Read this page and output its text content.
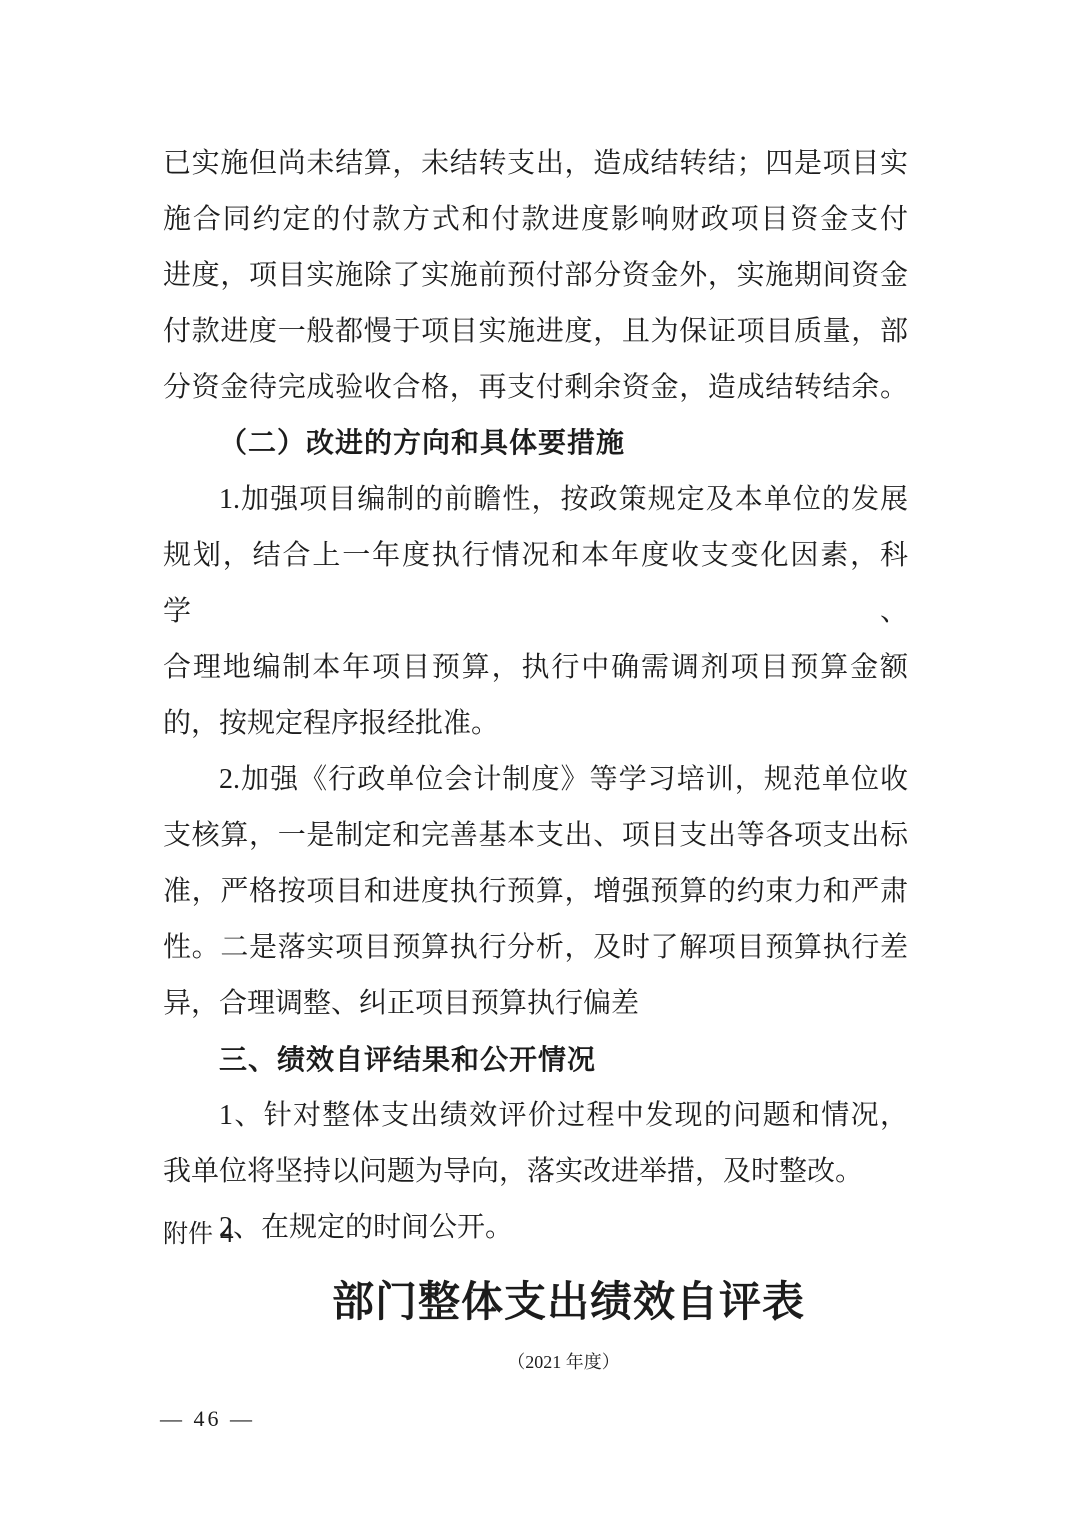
已实施但尚未结算，未结转支出，造成结转结；四是项目实
施合同约定的付款方式和付款进度影响财政项目资金支付
进度，项目实施除了实施前预付部分资金外，实施期间资金
付款进度一般都慢于项目实施进度，且为保证项目质量，部
分资金待完成验收合格，再支付剩余资金，造成结转结余。
（二）改进的方向和具体要措施
1.加强项目编制的前瞻性，按政策规定及本单位的发展
规划，结合上一年度执行情况和本年度收支变化因素，科学、
合理地编制本年项目预算，执行中确需调剂项目预算金额
的，按规定程序报经批准。
2.加强《行政单位会计制度》等学习培训，规范单位收
支核算，一是制定和完善基本支出、项目支出等各项支出标
准，严格按项目和进度执行预算，增强预算的约束力和严肃
性。二是落实项目预算执行分析，及时了解项目预算执行差
异，合理调整、纠正项目预算执行偏差
三、绩效自评结果和公开情况
1、针对整体支出绩效评价过程中发现的问题和情况，
我单位将坚持以问题为导向，落实改进举措，及时整改。
2、在规定的时间公开。
附件 4
部门整体支出绩效自评表
（2021 年度）
— 46 —
